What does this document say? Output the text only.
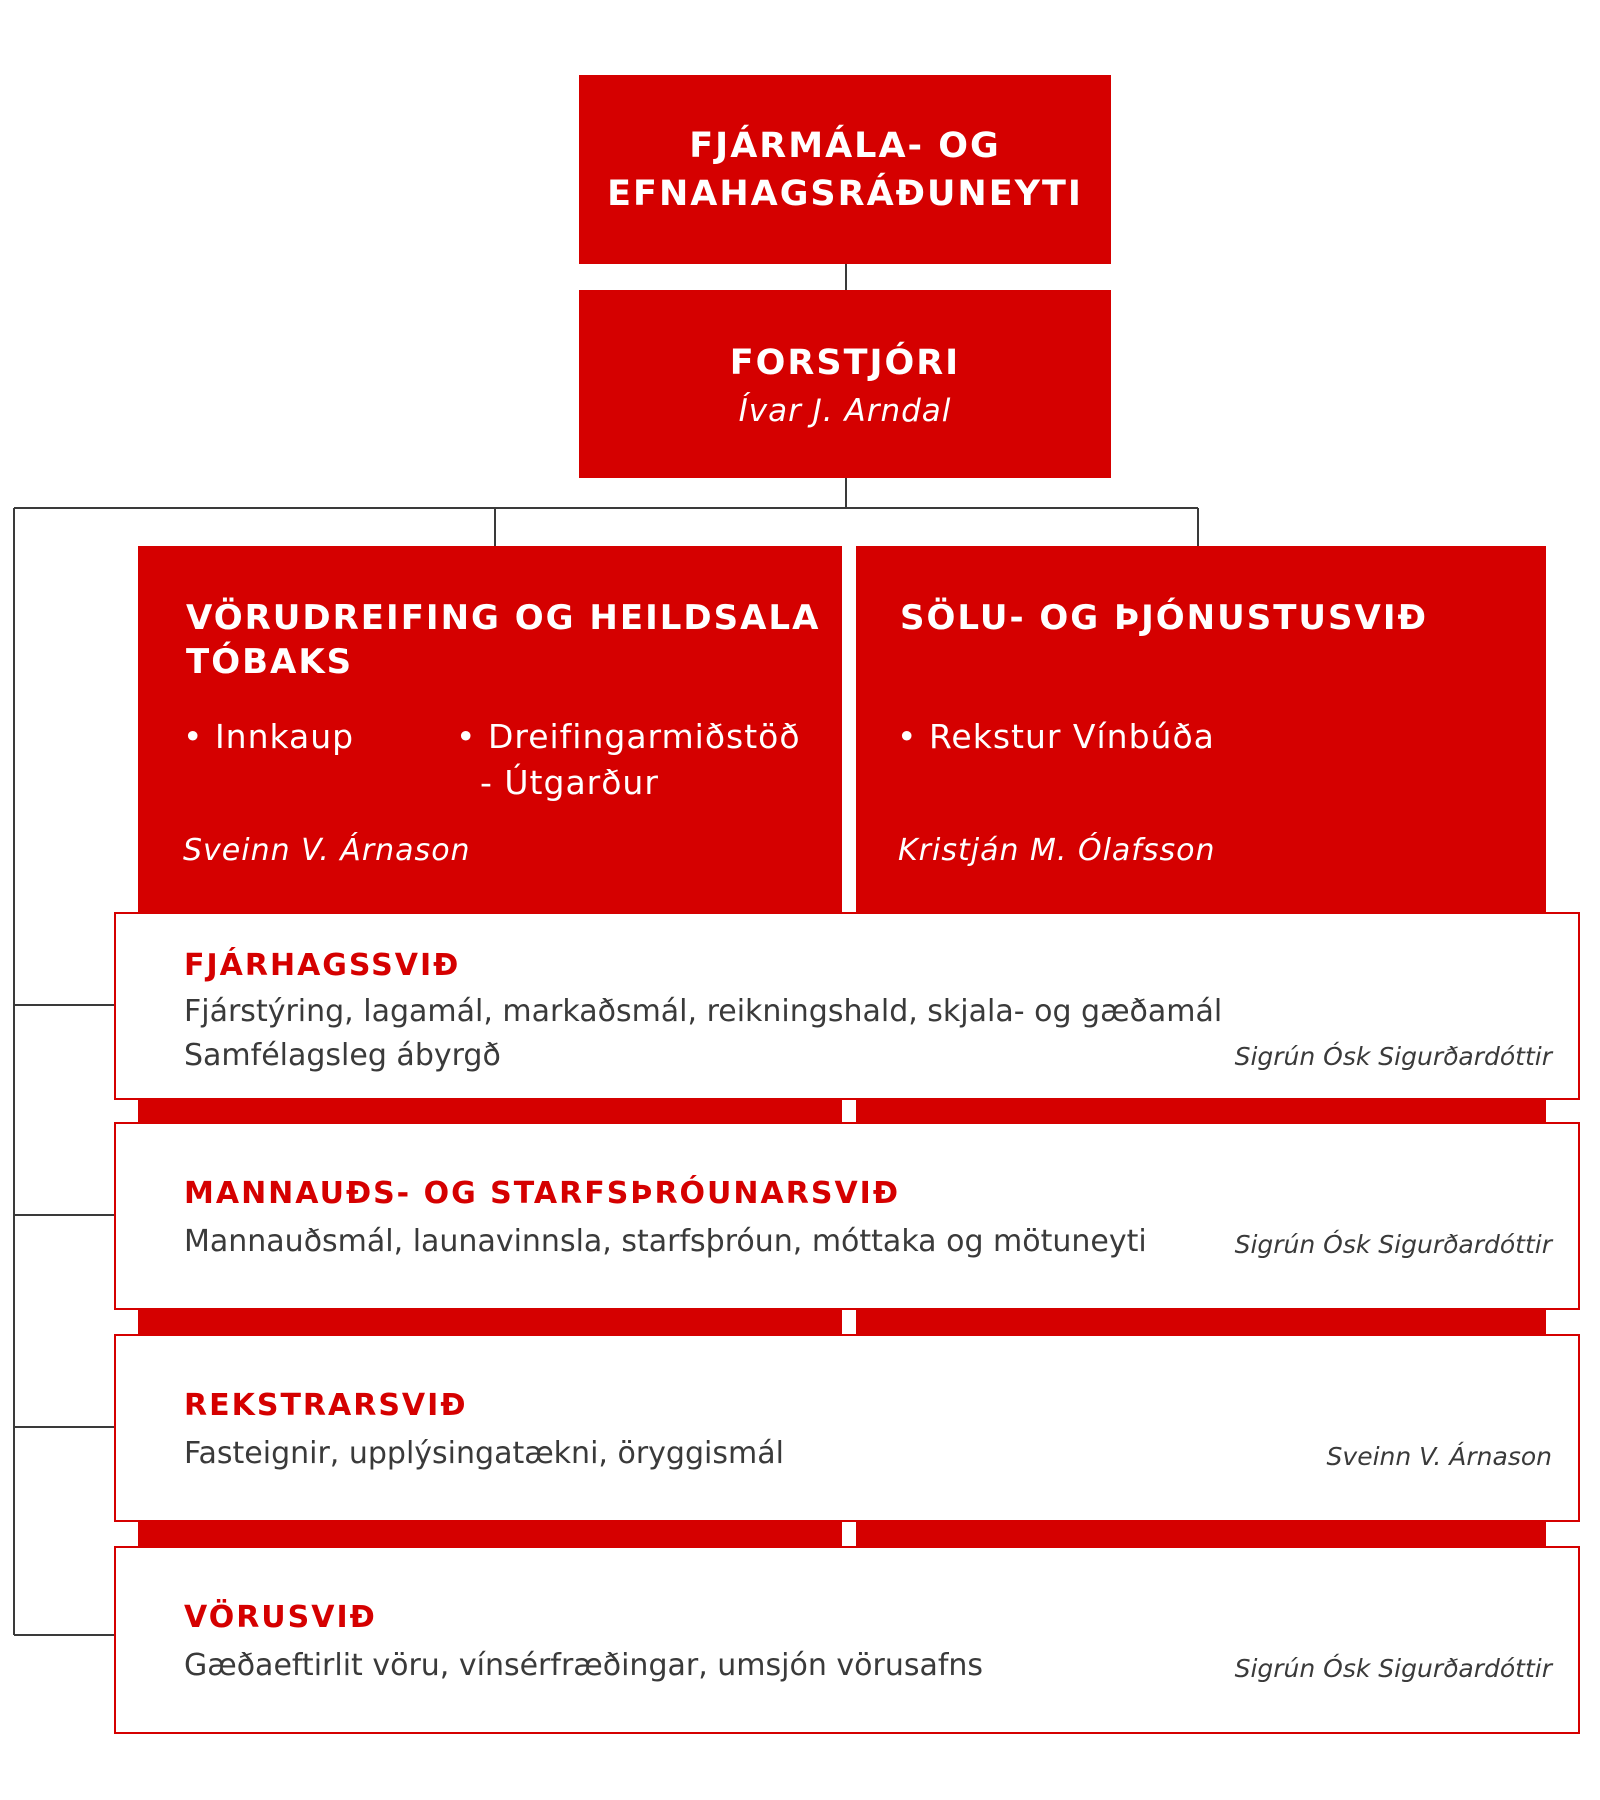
FJÁRMÁLA- OG
EFNAHAGSRÁÐUNEYTI
FORSTJÓRI
Ívar J. Arndal
VÖRUDREIFING OG HEILDSALA
TÓBAKS
• Innkaup	• Dreifingarmiðstöð
- Útgarður
Sveinn V. Árnason
SÖLU- OG ÞJÓNUSTUSVIÐ
• Rekstur Vínbúða
Kristján M. Ólafsson
FJÁRHAGSSVIÐ
Fjárstýring, lagamál, markaðsmál, reikningshald, skjala- og gæðamál
Samfélagsleg ábyrgð	Sigrún Ósk Sigurðardóttir
MANNAUÐS- OG STARFSÞRÓUNARSVIÐ
Mannauðsmál, launavinnsla, starfsþróun, móttaka og mötuneyti	Sigrún Ósk Sigurðardóttir
REKSTRARSVIÐ
Fasteignir, upplýsingatækni, öryggismál	Sveinn V. Árnason
VÖRUSVIÐ
Gæðaeftirlit vöru, vínsérfræðingar, umsjón vörusafns	Sigrún Ósk Sigurðardóttir
